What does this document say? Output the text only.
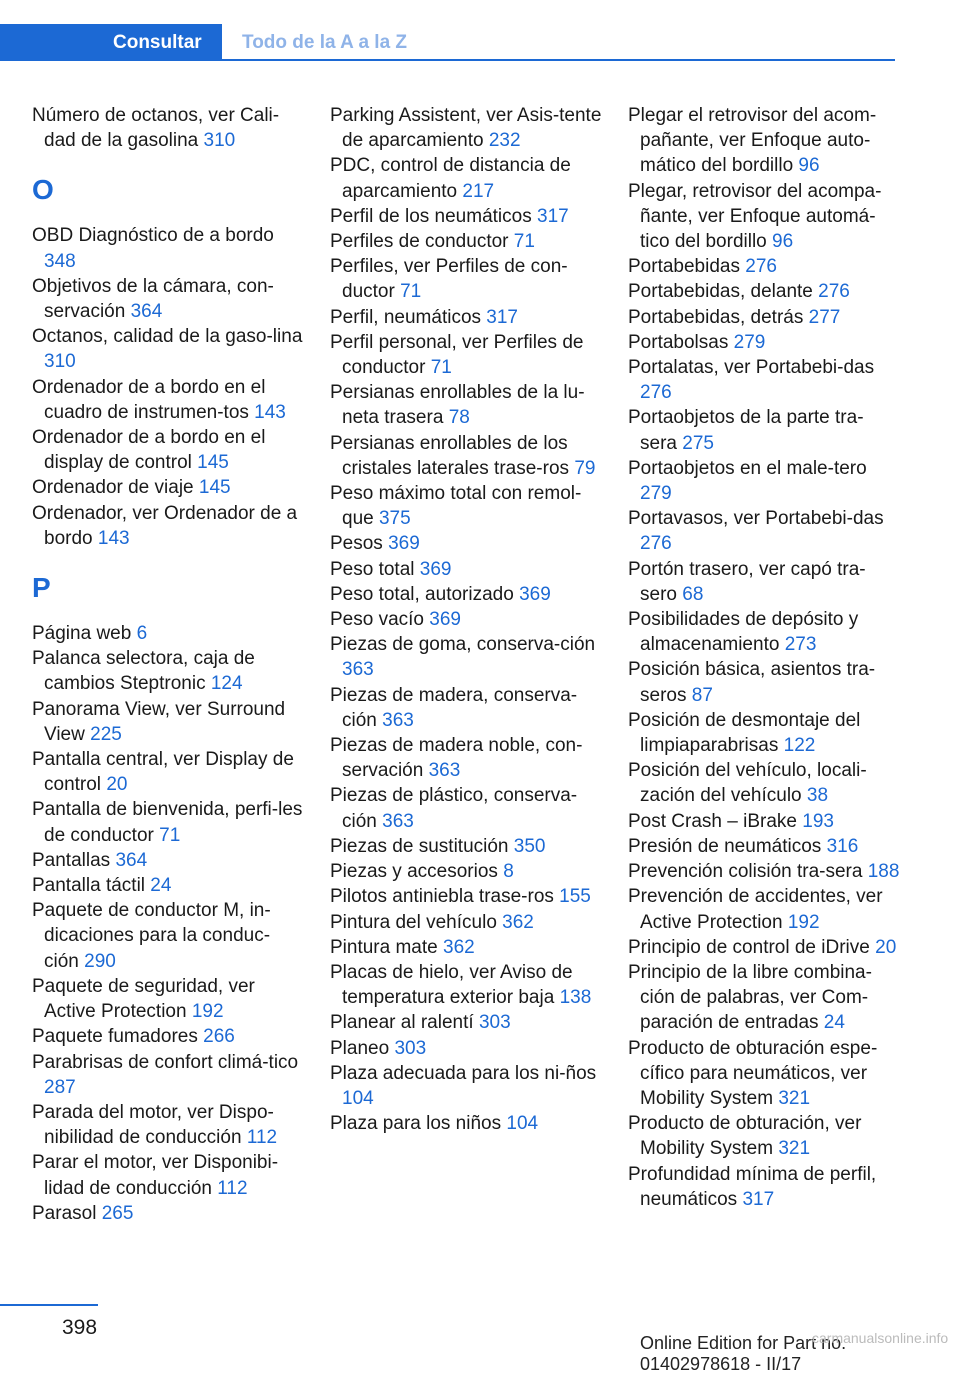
Consultar Todo de la A a la Z
Número de octanos, ver Cali-dad de la gasolina 310
O
OBD Diagnóstico de a bordo 348
Objetivos de la cámara, con-servación 364
Octanos, calidad de la gaso-lina 310
Ordenador de a bordo en el cuadro de instrumen-tos 143
Ordenador de a bordo en el display de control 145
Ordenador de viaje 145
Ordenador, ver Ordenador de a bordo 143
P
Página web 6
Palanca selectora, caja de cambios Steptronic 124
Panorama View, ver Surround View 225
Pantalla central, ver Display de control 20
Pantalla de bienvenida, perfi-les de conductor 71
Pantallas 364
Pantalla táctil 24
Paquete de conductor M, in-dicaciones para la conduc-ción 290
Paquete de seguridad, ver Active Protection 192
Paquete fumadores 266
Parabrisas de confort climá-tico 287
Parada del motor, ver Dispo-nibilidad de conducción 112
Parar el motor, ver Disponibi-lidad de conducción 112
Parasol 265
Parking Assistent, ver Asis-tente de aparcamiento 232
PDC, control de distancia de aparcamiento 217
Perfil de los neumáticos 317
Perfiles de conductor 71
Perfiles, ver Perfiles de con-ductor 71
Perfil, neumáticos 317
Perfil personal, ver Perfiles de conductor 71
Persianas enrollables de la lu-neta trasera 78
Persianas enrollables de los cristales laterales trase-ros 79
Peso máximo total con remol-que 375
Pesos 369
Peso total 369
Peso total, autorizado 369
Peso vacío 369
Piezas de goma, conserva-ción 363
Piezas de madera, conserva-ción 363
Piezas de madera noble, con-servación 363
Piezas de plástico, conserva-ción 363
Piezas de sustitución 350
Piezas y accesorios 8
Pilotos antiniebla trase-ros 155
Pintura del vehículo 362
Pintura mate 362
Placas de hielo, ver Aviso de temperatura exterior baja 138
Planear al ralentí 303
Planeo 303
Plaza adecuada para los ni-ños 104
Plaza para los niños 104
Plegar el retrovisor del acom-pañante, ver Enfoque auto-mático del bordillo 96
Plegar, retrovisor del acompa-ñante, ver Enfoque automá-tico del bordillo 96
Portabebidas 276
Portabebidas, delante 276
Portabebidas, detrás 277
Portabolsas 279
Portalatas, ver Portabebi-das 276
Portaobjetos de la parte tra-sera 275
Portaobjetos en el male-tero 279
Portavasos, ver Portabebi-das 276
Portón trasero, ver capó tra-sero 68
Posibilidades de depósito y almacenamiento 273
Posición básica, asientos tra-seros 87
Posición de desmontaje del limpiaparabrisas 122
Posición del vehículo, locali-zación del vehículo 38
Post Crash – iBrake 193
Presión de neumáticos 316
Prevención colisión tra-sera 188
Prevención de accidentes, ver Active Protection 192
Principio de control de iDrive 20
Principio de la libre combina-ción de palabras, ver Com-paración de entradas 24
Producto de obturación espe-cífico para neumáticos, ver Mobility System 321
Producto de obturación, ver Mobility System 321
Profundidad mínima de perfil, neumáticos 317
398
Online Edition for Part no. 01402978618 - II/17
carmanualsonline.info
